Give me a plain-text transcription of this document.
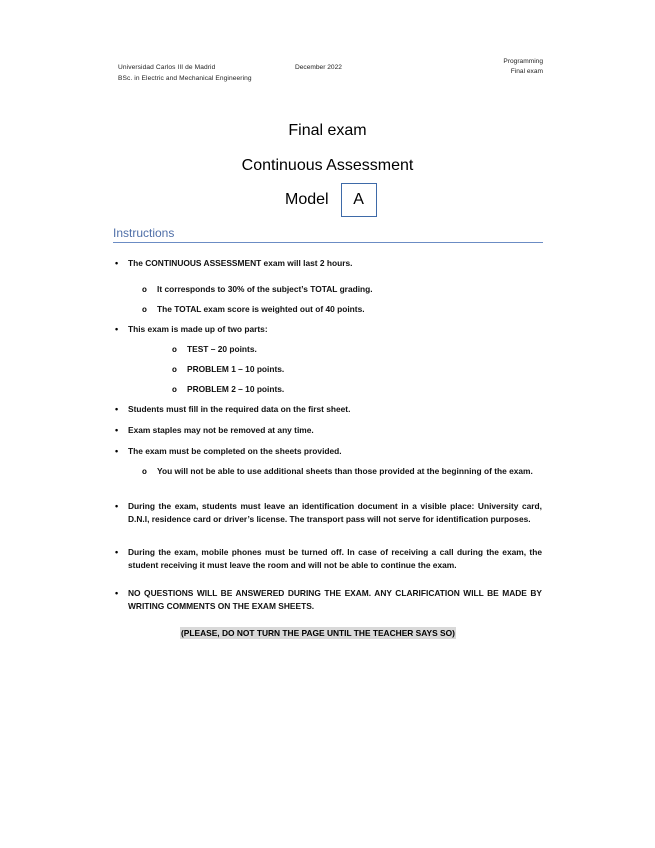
Universidad Carlos III de Madrid
BSc. in Electric and Mechanical Engineering
December 2022
Programming
Final exam
Final exam
Continuous Assessment
Model	A
Instructions
• The CONTINUOUS ASSESSMENT exam will last 2 hours.
o It corresponds to 30% of the subject’s TOTAL grading.
o The TOTAL exam score is weighted out of 40 points.
• This exam is made up of two parts:
o TEST – 20 points.
o PROBLEM 1 – 10 points.
o PROBLEM 2 – 10 points.
• Students must fill in the required data on the first sheet.
• Exam staples may not be removed at any time.
• The exam must be completed on the sheets provided.
o You will not be able to use additional sheets than those provided at the beginning of the exam.
• During the exam, students must leave an identification document in a visible place: University card, D.N.I, residence card or driver’s license. The transport pass will not serve for identification purposes.
• During the exam, mobile phones must be turned off. In case of receiving a call during the exam, the student receiving it must leave the room and will not be able to continue the exam.
• NO QUESTIONS WILL BE ANSWERED DURING THE EXAM. ANY CLARIFICATION WILL BE MADE BY WRITING COMMENTS ON THE EXAM SHEETS.
(PLEASE, DO NOT TURN THE PAGE UNTIL THE TEACHER SAYS SO)
